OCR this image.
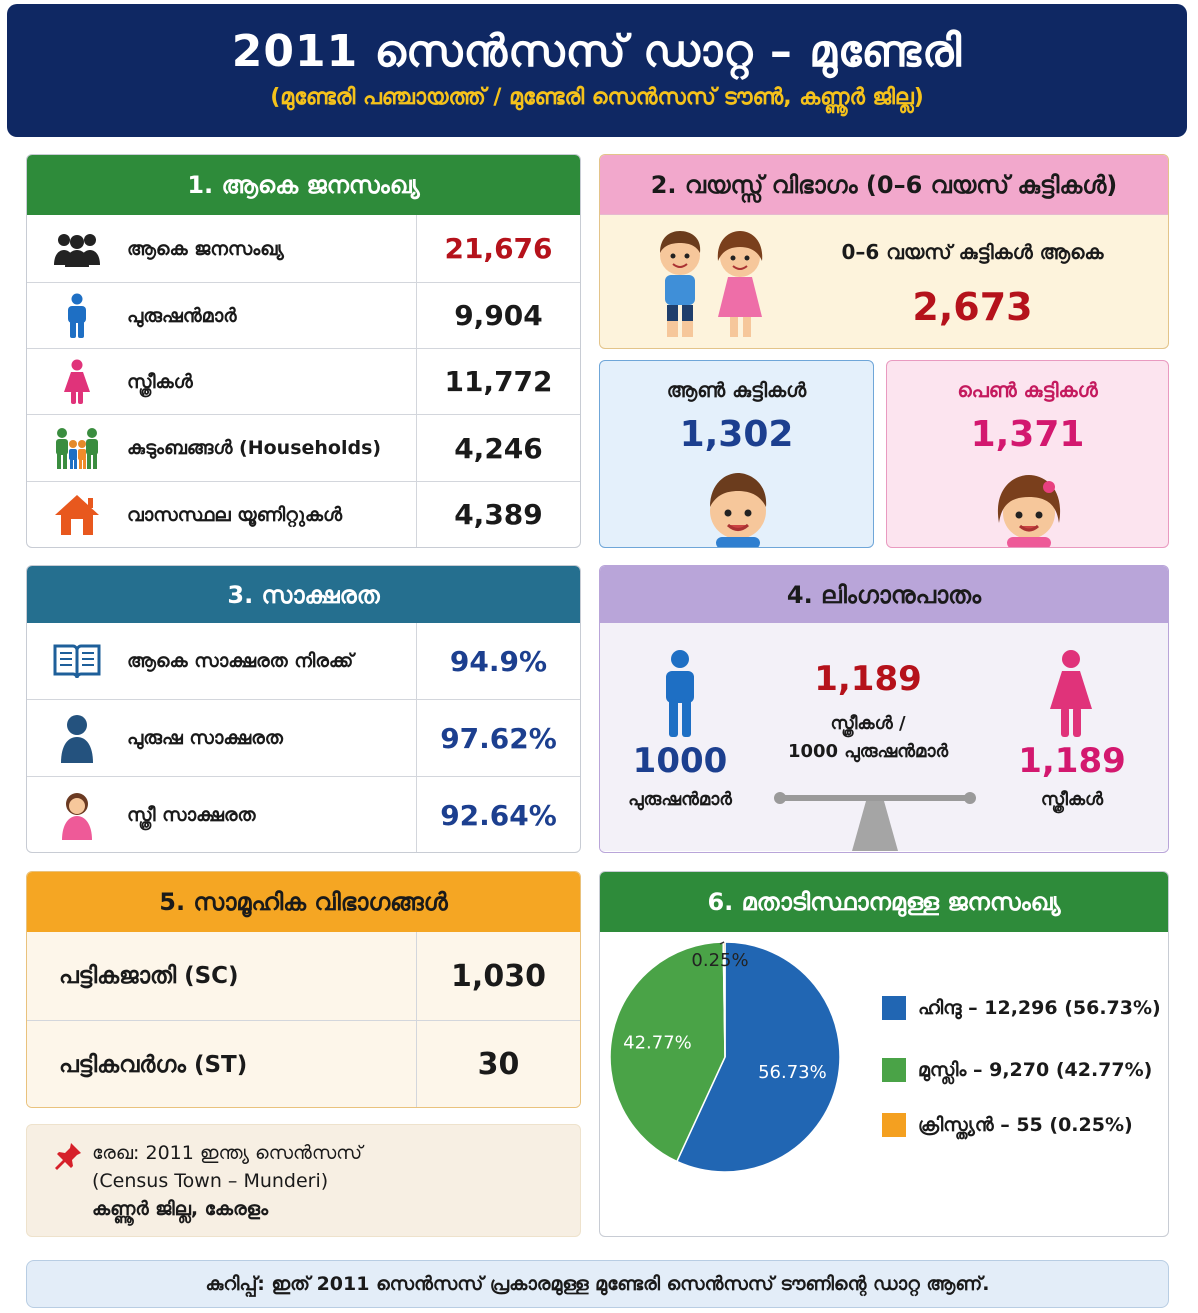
2011 സെൻസസ് ഡാറ്റ – മുണ്ടേരി
(മുണ്ടേരി പഞ്ചായത്ത് / മുണ്ടേരി സെൻസസ് ടൗൺ, കണ്ണൂർ ജില്ല)
1. ആകെ ജനസംഖ്യ
ആകെ ജനസംഖ്യ	21,676
പുരുഷൻമാർ	9,904
സ്ത്രീകൾ	11,772
കുടുംബങ്ങൾ (Households)	4,246
വാസസ്ഥല യൂണിറ്റുകൾ	4,389
2. വയസ്സ് വിഭാഗം (0–6 വയസ് കുട്ടികൾ)
0–6 വയസ് കുട്ടികൾ ആകെ
2,673
ആൺ കുട്ടികൾ
1,302
പെൺ കുട്ടികൾ
1,371
3. സാക്ഷരത
ആകെ സാക്ഷരത നിരക്ക്	94.9%
പുരുഷ സാക്ഷരത	97.62%
സ്ത്രീ സാക്ഷരത	92.64%
4. ലിംഗാനുപാതം
1000
പുരുഷൻമാർ
1,189
സ്ത്രീകൾ /
1000 പുരുഷൻമാർ	1,189
സ്ത്രീകൾ
5. സാമൂഹിക വിഭാഗങ്ങൾ
പട്ടികജാതി (SC)	1,030
പട്ടികവർഗം (ST)	30
6. മതാടിസ്ഥാനമുള്ള ജനസംഖ്യ
56.73%
42.77%
0.25%
ഹിന്ദു – 12,296 (56.73%)
മുസ്ലിം – 9,270 (42.77%)
ക്രിസ്ത്യൻ – 55 (0.25%)
രേഖ: 2011 ഇന്ത്യ സെൻസസ്
(Census Town – Munderi)
കണ്ണൂർ ജില്ല, കേരളം
കുറിപ്പ്: ഇത് 2011 സെൻസസ് പ്രകാരമുള്ള മുണ്ടേരി സെൻസസ് ടൗണിന്റെ ഡാറ്റ ആണ്.
